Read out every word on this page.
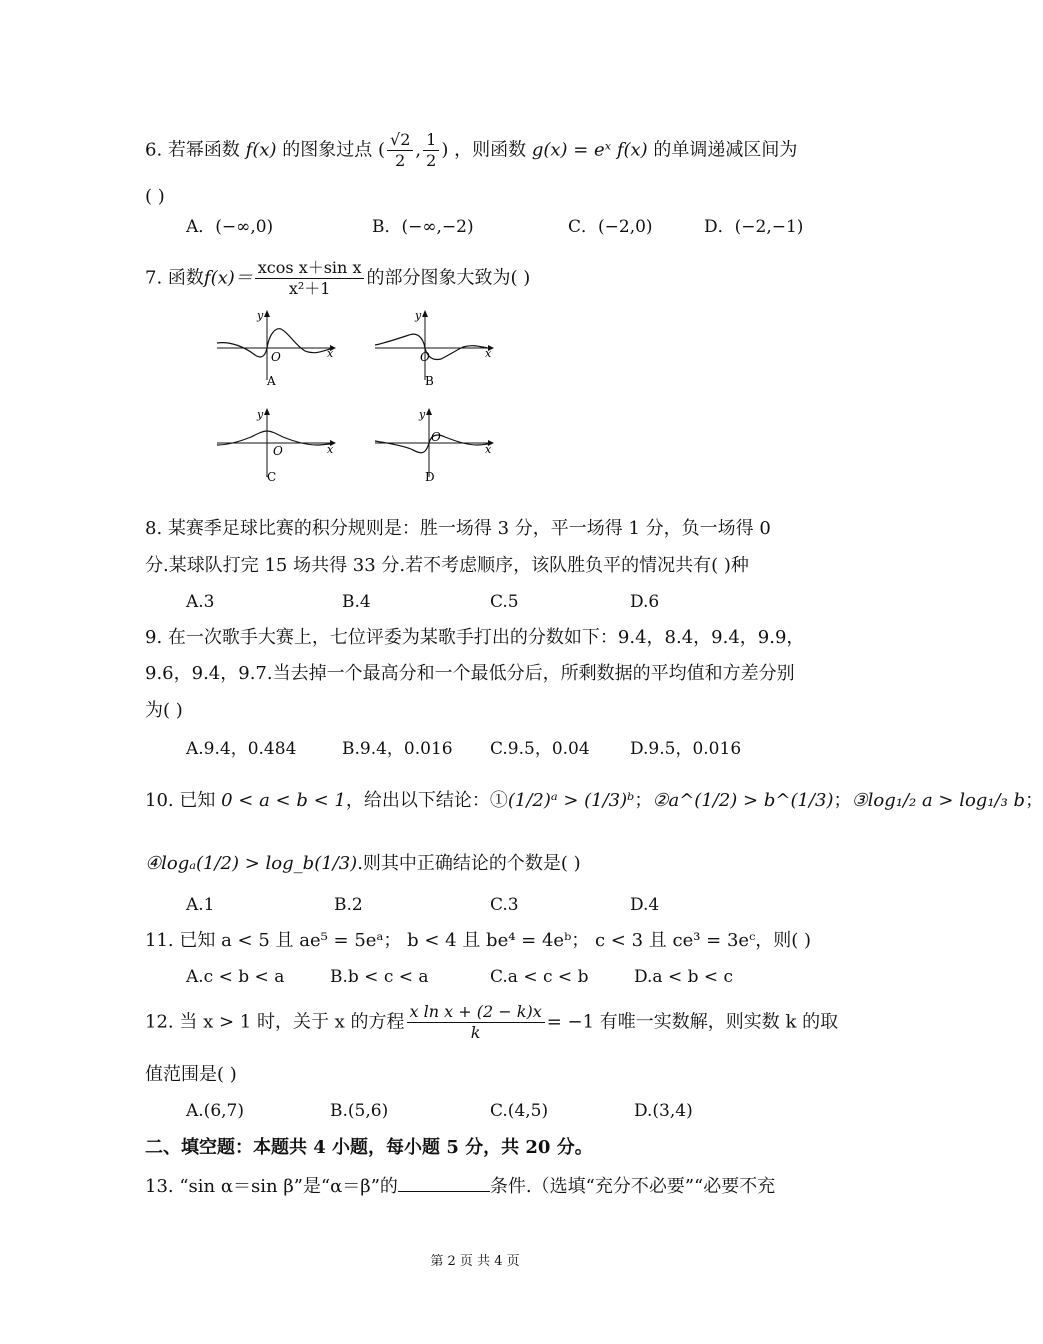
6. 若幂函数 f(x) 的图象过点 ( $\frac{√2}{2}$ , $\frac{1}{2}$ ) ，则函数 g(x) = eˣ f(x) 的单调递减区间为
( )
A．(−∞,0)	B．(−∞,−2)	C．(−2,0)	D．(−2,−1)
7. 函数$f(x)= \frac{\text{xcos x＋sin x}}{\text{x²＋1}}$ 的部分图象大致为( )
y
x
O
A
y
x
O
B
y
x
O
C
y
x
O
D
8. 某赛季足球比赛的积分规则是：胜一场得 3 分，平一场得 1 分，负一场得 0
分.某球队打完 15 场共得 33 分.若不考虑顺序，该队胜负平的情况共有( )种
A.3	B.4	C.5	D.6
9. 在一次歌手大赛上，七位评委为某歌手打出的分数如下：9.4，8.4，9.4，9.9，
9.6，9.4，9.7.当去掉一个最高分和一个最低分后，所剩数据的平均值和方差分别
为( )
A.9.4，0.484	B.9.4，0.016 C.9.5，0.04 D.9.5，0.016
10. 已知 0 < a < b < 1，给出以下结论：①(1/2)ᵃ > (1/3)ᵇ；②a^(1/2) > b^(1/3)；③log₁/₂ a > log₁/₃ b；
④logₐ(1/2) > log_b(1/3).则其中正确结论的个数是( )
A.1	B.2	C.3	D.4
11. 已知 a < 5 且 ae⁵ = 5eᵃ； b < 4 且 be⁴ = 4eᵇ； c < 3 且 ce³ = 3eᶜ，则( )
A.c < b < a	B.b < c < a	C.a < c < b	D.a < b < c
12. 当 x > 1 时，关于 x 的方程 $\frac{\text{x ln x + (2 − k)x}}{k} = -1$ 有唯一实数解，则实数 k 的取
值范围是( )
A.(6,7)	B.(5,6)	C.(4,5)	D.(3,4)
二、填空题：本题共 4 小题，每小题 5 分，共 20 分。
13. “sin α＝sin β”是“α＝β”的	条件.（选填“充分不必要”“必要不充
第 2 页 共 4 页
